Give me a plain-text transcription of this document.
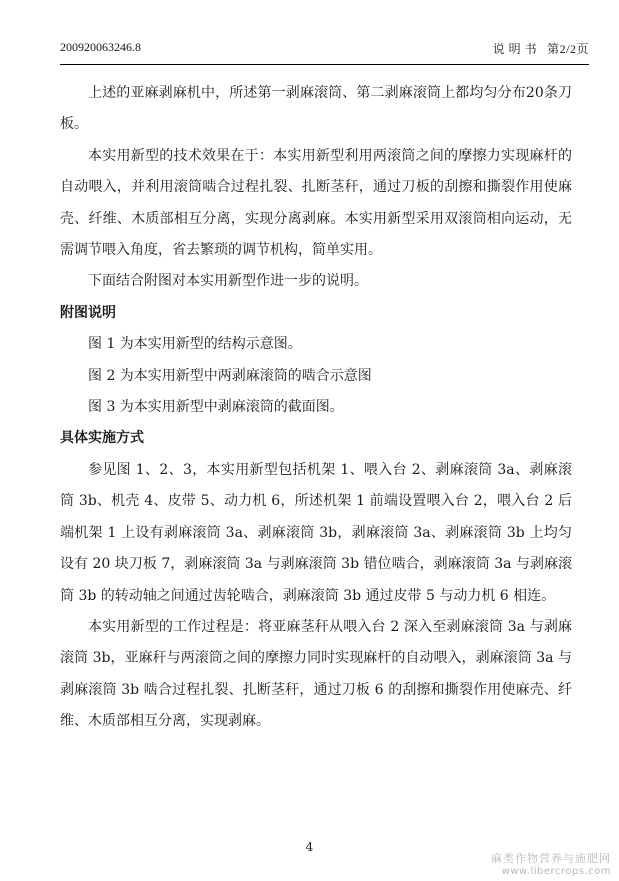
200920063246.8	说 明 书 第2/2页

上述的亚麻剥麻机中，所述第一剥麻滚筒、第二剥麻滚筒上都均匀分布20条刀板。

本实用新型的技术效果在于：本实用新型利用两滚筒之间的摩擦力实现麻杆的自动喂入，并利用滚筒啮合过程扎裂、扎断茎秆，通过刀板的刮擦和撕裂作用使麻壳、纤维、木质部相互分离，实现分离剥麻。本实用新型采用双滚筒相向运动，无需调节喂入角度，省去繁琐的调节机构，简单实用。

下面结合附图对本实用新型作进一步的说明。

附图说明

图 1 为本实用新型的结构示意图。

图 2 为本实用新型中两剥麻滚筒的啮合示意图

图 3 为本实用新型中剥麻滚筒的截面图。

具体实施方式

参见图 1、2、3，本实用新型包括机架 1、喂入台 2、剥麻滚筒 3a、剥麻滚筒 3b、机壳 4、皮带 5、动力机 6，所述机架 1 前端设置喂入台 2，喂入台 2 后端机架 1 上设有剥麻滚筒 3a、剥麻滚筒 3b，剥麻滚筒 3a、剥麻滚筒 3b 上均匀设有 20 块刀板 7，剥麻滚筒 3a 与剥麻滚筒 3b 错位啮合，剥麻滚筒 3a 与剥麻滚筒 3b 的转动轴之间通过齿轮啮合，剥麻滚筒 3b 通过皮带 5 与动力机 6 相连。

本实用新型的工作过程是：将亚麻茎秆从喂入台 2 深入至剥麻滚筒 3a 与剥麻滚筒 3b，亚麻秆与两滚筒之间的摩擦力同时实现麻杆的自动喂入，剥麻滚筒 3a 与剥麻滚筒 3b 啮合过程扎裂、扎断茎秆，通过刀板 6 的刮擦和撕裂作用使麻壳、纤维、木质部相互分离，实现剥麻。

4
麻类作物营养与施肥网
www.libercrops.com
